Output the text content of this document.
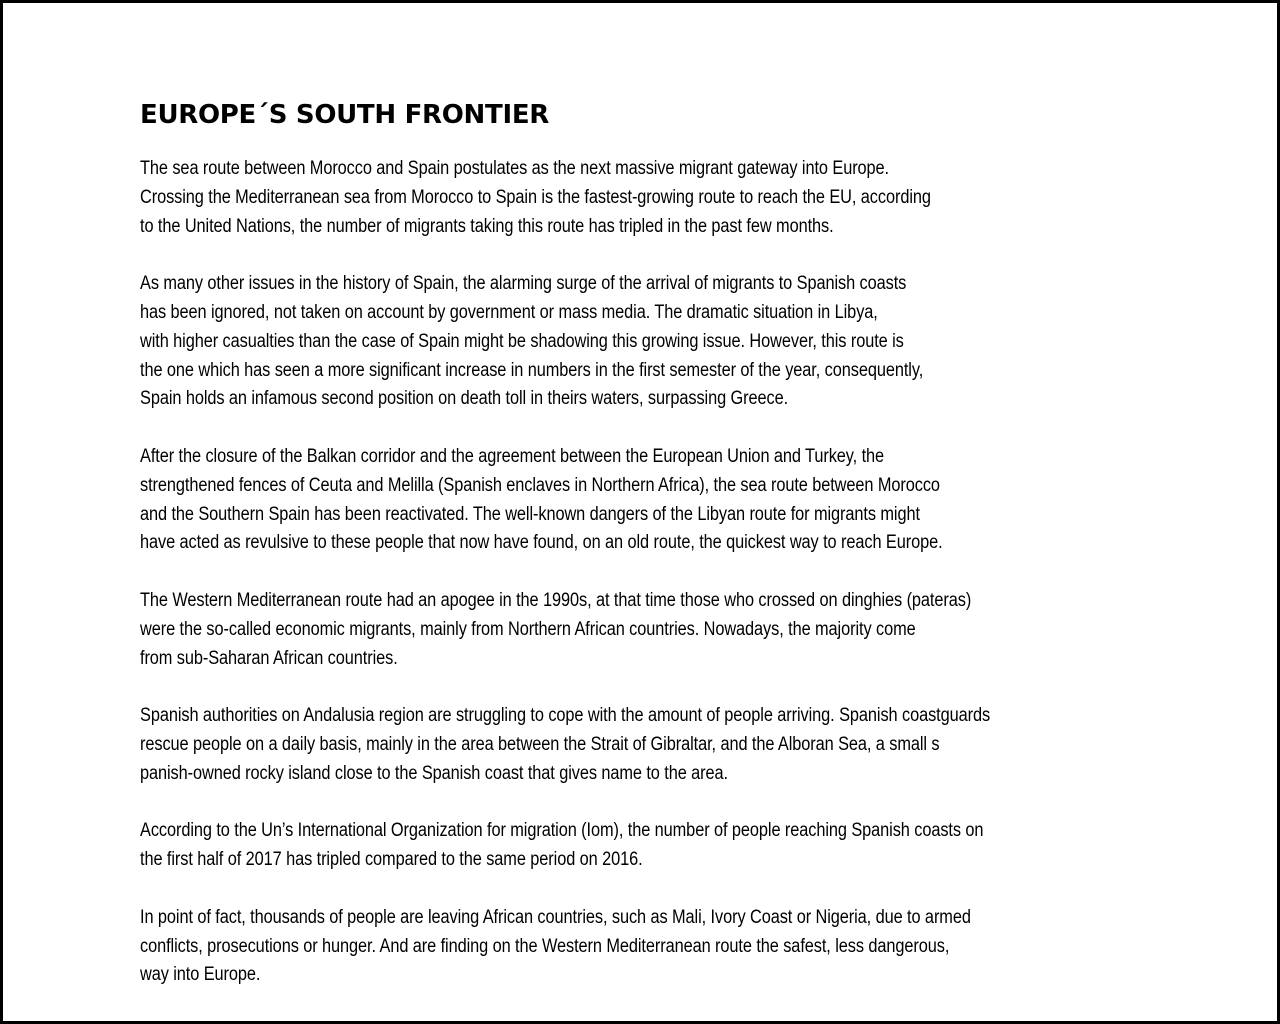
EUROPE´S SOUTH FRONTIER

The sea route between Morocco and Spain postulates as the next massive migrant gateway into Europe.
Crossing the Mediterranean sea from Morocco to Spain is the fastest-growing route to reach the EU, according
to the United Nations, the number of migrants taking this route has tripled in the past few months.

As many other issues in the history of Spain, the alarming surge of the arrival of migrants to Spanish coasts
has been ignored, not taken on account by government or mass media. The dramatic situation in Libya,
with higher casualties than the case of Spain might be shadowing this growing issue. However, this route is
the one which has seen a more significant increase in numbers in the first semester of the year, consequently,
Spain holds an infamous second position on death toll in theirs waters, surpassing Greece.

After the closure of the Balkan corridor and the agreement between the European Union and Turkey, the
strengthened fences of Ceuta and Melilla (Spanish enclaves in Northern Africa), the sea route between Morocco
and the Southern Spain has been reactivated. The well-known dangers of the Libyan route for migrants might
have acted as revulsive to these people that now have found, on an old route, the quickest way to reach Europe.

The Western Mediterranean route had an apogee in the 1990s, at that time those who crossed on dinghies (pateras)
were the so-called economic migrants, mainly from Northern African countries. Nowadays, the majority come
from sub-Saharan African countries.

Spanish authorities on Andalusia region are struggling to cope with the amount of people arriving. Spanish coastguards
rescue people on a daily basis, mainly in the area between the Strait of Gibraltar, and the Alboran Sea, a small s
panish-owned rocky island close to the Spanish coast that gives name to the area.

According to the Un’s International Organization for migration (Iom), the number of people reaching Spanish coasts on
the first half of 2017 has tripled compared to the same period on 2016.

In point of fact, thousands of people are leaving African countries, such as Mali, Ivory Coast or Nigeria, due to armed
conflicts, prosecutions or hunger. And are finding on the Western Mediterranean route the safest, less dangerous,
way into Europe.
